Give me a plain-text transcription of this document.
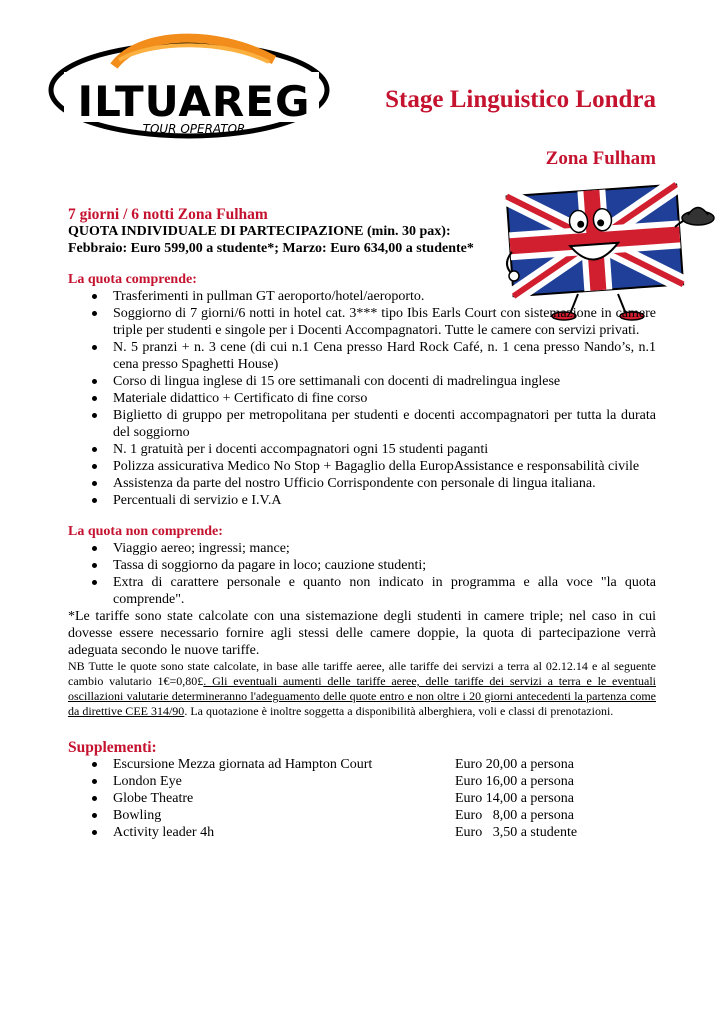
ILTUAREG
TOUR OPERATOR
Stage Linguistico Londra
Zona Fulham
7 giorni / 6 notti Zona Fulham
QUOTA INDIVIDUALE DI PARTECIPAZIONE (min. 30 pax):
Febbraio: Euro 599,00 a studente*; Marzo: Euro 634,00 a studente*
La quota comprende:
Trasferimenti in pullman GT aeroporto/hotel/aeroporto.
Soggiorno di 7 giorni/6 notti in hotel cat. 3*** tipo Ibis Earls Court con sistemazione in camere triple per studenti e singole per i Docenti Accompagnatori. Tutte le camere con servizi privati.
N. 5 pranzi + n. 3 cene (di cui n.1 Cena presso Hard Rock Café, n. 1 cena presso Nando’s, n.1 cena presso Spaghetti House)
Corso di lingua inglese di 15 ore settimanali con docenti di madrelingua inglese
Materiale didattico + Certificato di fine corso
Biglietto di gruppo per metropolitana per studenti e docenti accompagnatori per tutta la durata del soggiorno
N. 1 gratuità per i docenti accompagnatori ogni 15 studenti paganti
Polizza assicurativa Medico No Stop + Bagaglio della EuropAssistance e responsabilità civile
Assistenza da parte del nostro Ufficio Corrispondente con personale di lingua italiana.
Percentuali di servizio e I.V.A
La quota non comprende:
Viaggio aereo; ingressi; mance;
Tassa di soggiorno da pagare in loco; cauzione studenti;
Extra di carattere personale e quanto non indicato in programma e alla voce "la quota comprende".
*Le tariffe sono state calcolate con una sistemazione degli studenti in camere triple; nel caso in cui dovesse essere necessario fornire agli stessi delle camere doppie, la quota di partecipazione verrà adeguata secondo le nuove tariffe.
NB Tutte le quote sono state calcolate, in base alle tariffe aeree, alle tariffe dei servizi a terra al 02.12.14 e al seguente cambio valutario 1€=0,80£. Gli eventuali aumenti delle tariffe aeree, delle tariffe dei servizi a terra e le eventuali oscillazioni valutarie determineranno l'adeguamento delle quote entro e non oltre i 20 giorni antecedenti la partenza come da direttive CEE 314/90. La quotazione è inoltre soggetta a disponibilità alberghiera, voli e classi di prenotazioni.
Supplementi:
Escursione Mezza giornata ad Hampton Court	Euro 20,00 a persona
London Eye	Euro 16,00 a persona
Globe Theatre	Euro 14,00 a persona
Bowling	Euro   8,00 a persona
Activity leader 4h	Euro   3,50 a studente
